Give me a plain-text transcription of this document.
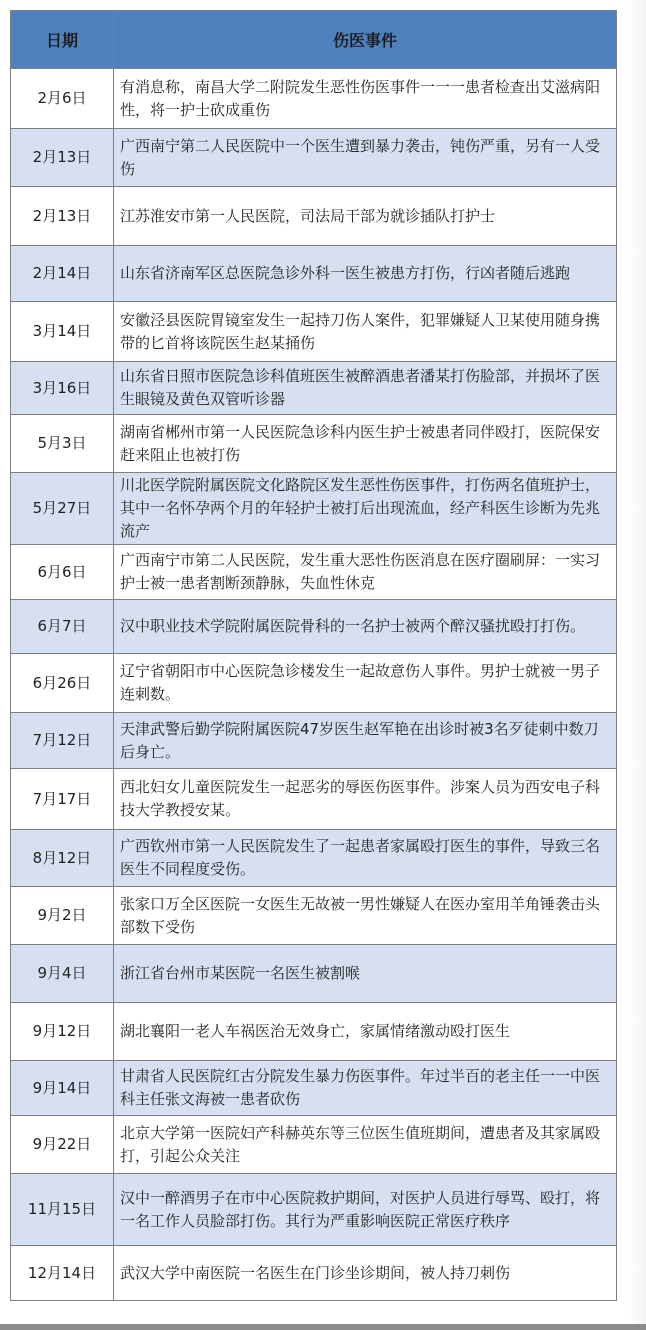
日期	伤医事件
2月6日	有消息称，南昌大学二附院发生恶性伤医事件一一一患者检查出艾滋病阳性，将一护士砍成重伤
2月13日	广西南宁第二人民医院中一个医生遭到暴力袭击，钝伤严重，另有一人受伤
2月13日	江苏淮安市第一人民医院，司法局干部为就诊插队打护士
2月14日	山东省济南军区总医院急诊外科一医生被患方打伤，行凶者随后逃跑
3月14日	安徽泾县医院胃镜室发生一起持刀伤人案件，犯罪嫌疑人卫某使用随身携带的匕首将该院医生赵某捅伤
3月16日	山东省日照市医院急诊科值班医生被醉酒患者潘某打伤脸部，并损坏了医生眼镜及黄色双管听诊器
5月3日	湖南省郴州市第一人民医院急诊科内医生护士被患者同伴殴打，医院保安赶来阻止也被打伤
5月27日	川北医学院附属医院文化路院区发生恶性伤医事件，打伤两名值班护士，其中一名怀孕两个月的年轻护士被打后出现流血，经产科医生诊断为先兆流产
6月6日	广西南宁市第二人民医院，发生重大恶性伤医消息在医疗圈刷屏：一实习护士被一患者割断颈静脉，失血性休克
6月7日	汉中职业技术学院附属医院骨科的一名护士被两个醉汉骚扰殴打打伤。
6月26日	辽宁省朝阳市中心医院急诊楼发生一起故意伤人事件。男护士就被一男子连刺数。
7月12日	天津武警后勤学院附属医院47岁医生赵军艳在出诊时被3名歹徒刺中数刀后身亡。
7月17日	西北妇女儿童医院发生一起恶劣的辱医伤医事件。涉案人员为西安电子科技大学教授安某。
8月12日	广西钦州市第一人民医院发生了一起患者家属殴打医生的事件，导致三名医生不同程度受伤。
9月2日	张家口万全区医院一女医生无故被一男性嫌疑人在医办室用羊角锤袭击头部数下受伤
9月4日	浙江省台州市某医院一名医生被割喉
9月12日	湖北襄阳一老人车祸医治无效身亡，家属情绪激动殴打医生
9月14日	甘肃省人民医院红古分院发生暴力伤医事件。年过半百的老主任一一中医科主任张文海被一患者砍伤
9月22日	北京大学第一医院妇产科赫英东等三位医生值班期间，遭患者及其家属殴打，引起公众关注
11月15日	汉中一醉酒男子在市中心医院救护期间，对医护人员进行辱骂、殴打，将一名工作人员脸部打伤。其行为严重影响医院正常医疗秩序
12月14日	武汉大学中南医院一名医生在门诊坐诊期间，被人持刀刺伤
